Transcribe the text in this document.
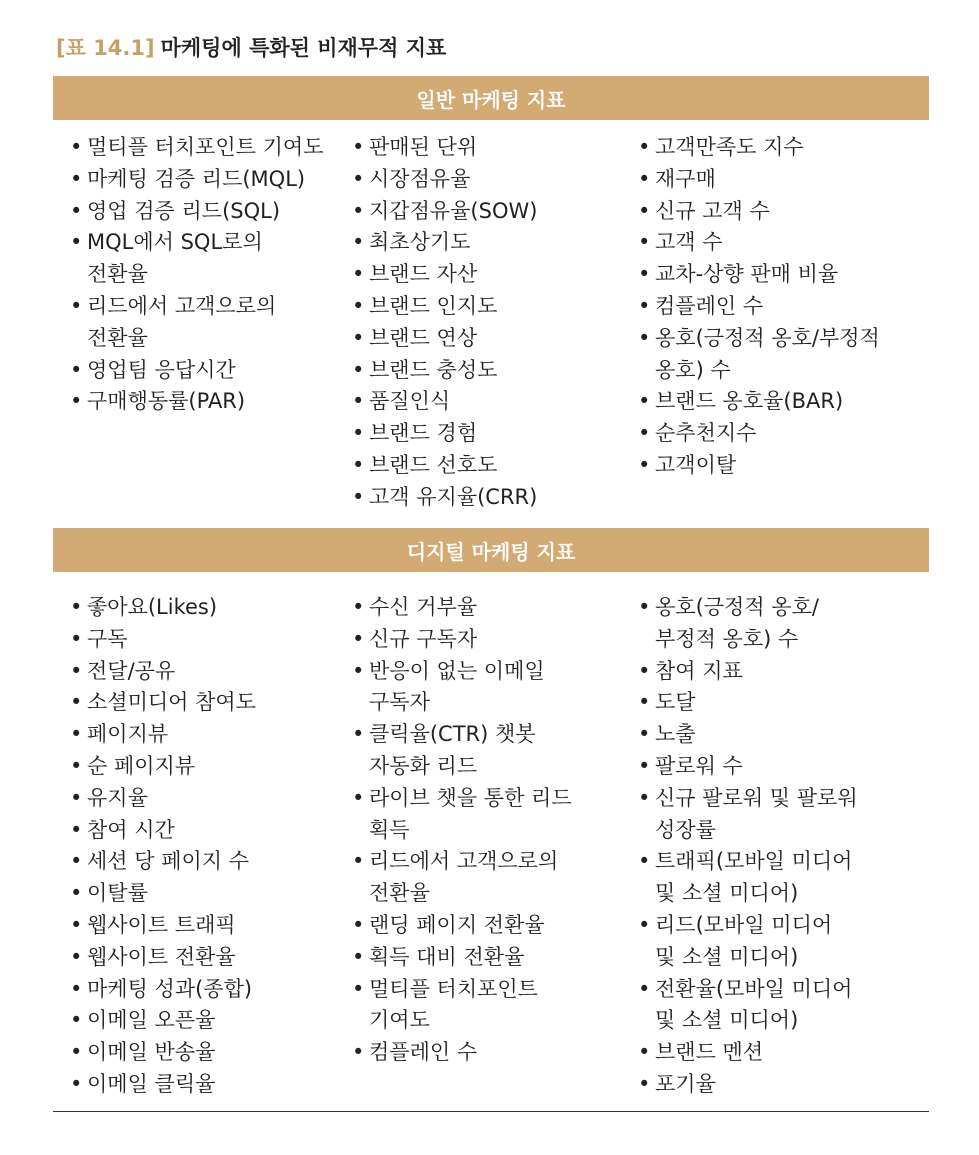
[표 14.1] 마케팅에 특화된 비재무적 지표
일반 마케팅 지표
• 멀티플 터치포인트 기여도
• 마케팅 검증 리드(MQL)
• 영업 검증 리드(SQL)
• MQL에서 SQL로의
전환율
• 리드에서 고객으로의
전환율
• 영업팀 응답시간
• 구매행동률(PAR)
• 판매된 단위
• 시장점유율
• 지갑점유율(SOW)
• 최초상기도
• 브랜드 자산
• 브랜드 인지도
• 브랜드 연상
• 브랜드 충성도
• 품질인식
• 브랜드 경험
• 브랜드 선호도
• 고객 유지율(CRR)
• 고객만족도 지수
• 재구매
• 신규 고객 수
• 고객 수
• 교차-상향 판매 비율
• 컴플레인 수
• 옹호(긍정적 옹호/부정적
옹호) 수
• 브랜드 옹호율(BAR)
• 순추천지수
• 고객이탈
디지털 마케팅 지표
• 좋아요(Likes)
• 구독
• 전달/공유
• 소셜미디어 참여도
• 페이지뷰
• 순 페이지뷰
• 유지율
• 참여 시간
• 세션 당 페이지 수
• 이탈률
• 웹사이트 트래픽
• 웹사이트 전환율
• 마케팅 성과(종합)
• 이메일 오픈율
• 이메일 반송율
• 이메일 클릭율
• 수신 거부율
• 신규 구독자
• 반응이 없는 이메일
구독자
• 클릭율(CTR) 챗봇
자동화 리드
• 라이브 챗을 통한 리드
획득
• 리드에서 고객으로의
전환율
• 랜딩 페이지 전환율
• 획득 대비 전환율
• 멀티플 터치포인트
기여도
• 컴플레인 수
• 옹호(긍정적 옹호/
부정적 옹호) 수
• 참여 지표
• 도달
• 노출
• 팔로워 수
• 신규 팔로워 및 팔로워
성장률
• 트래픽(모바일 미디어
및 소셜 미디어)
• 리드(모바일 미디어
및 소셜 미디어)
• 전환율(모바일 미디어
및 소셜 미디어)
• 브랜드 멘션
• 포기율
